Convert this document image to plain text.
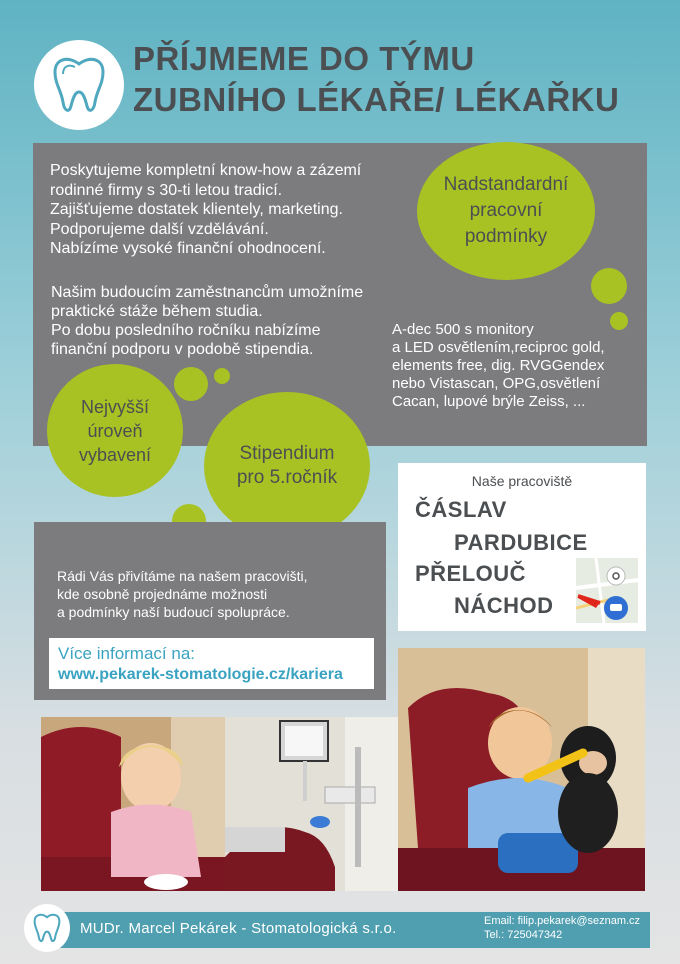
PŘÍJMEME DO TÝMU
ZUBNÍHO LÉKAŘE/ LÉKAŘKU
Poskytujeme kompletní know-how a zázemí
rodinné firmy s 30-ti letou tradicí.
Zajišťujeme dostatek klientely, marketing.
Podporujeme další vzdělávání.
Nabízíme vysoké finanční ohodnocení.
Našim budoucím zaměstnancům umožníme
praktické stáže během studia.
Po dobu posledního ročníku nabízíme
finanční podporu v podobě stipendia.
A-dec 500 s monitory
a LED osvětlením,reciproc gold,
elements free, dig. RVGGendex
nebo Vistascan, OPG,osvětlení
Cacan, lupové brýle Zeiss, ...
Nadstandardní
pracovní
podmínky
Nejvyšší
úroveň
vybavení	Stipendium
pro 5.ročník
Rádi Vás přivítáme na našem pracovišti,
kde osobně projednáme možnosti
a podmínky naší budoucí spolupráce.
Více informací na:
www.pekarek-stomatologie.cz/kariera
Naše pracoviště
ČÁSLAV
PARDUBICE
PŘELOUČ
NÁCHOD
MUDr. Marcel Pekárek - Stomatologická s.r.o.	Email: filip.pekarek@seznam.cz
Tel.: 725047342
